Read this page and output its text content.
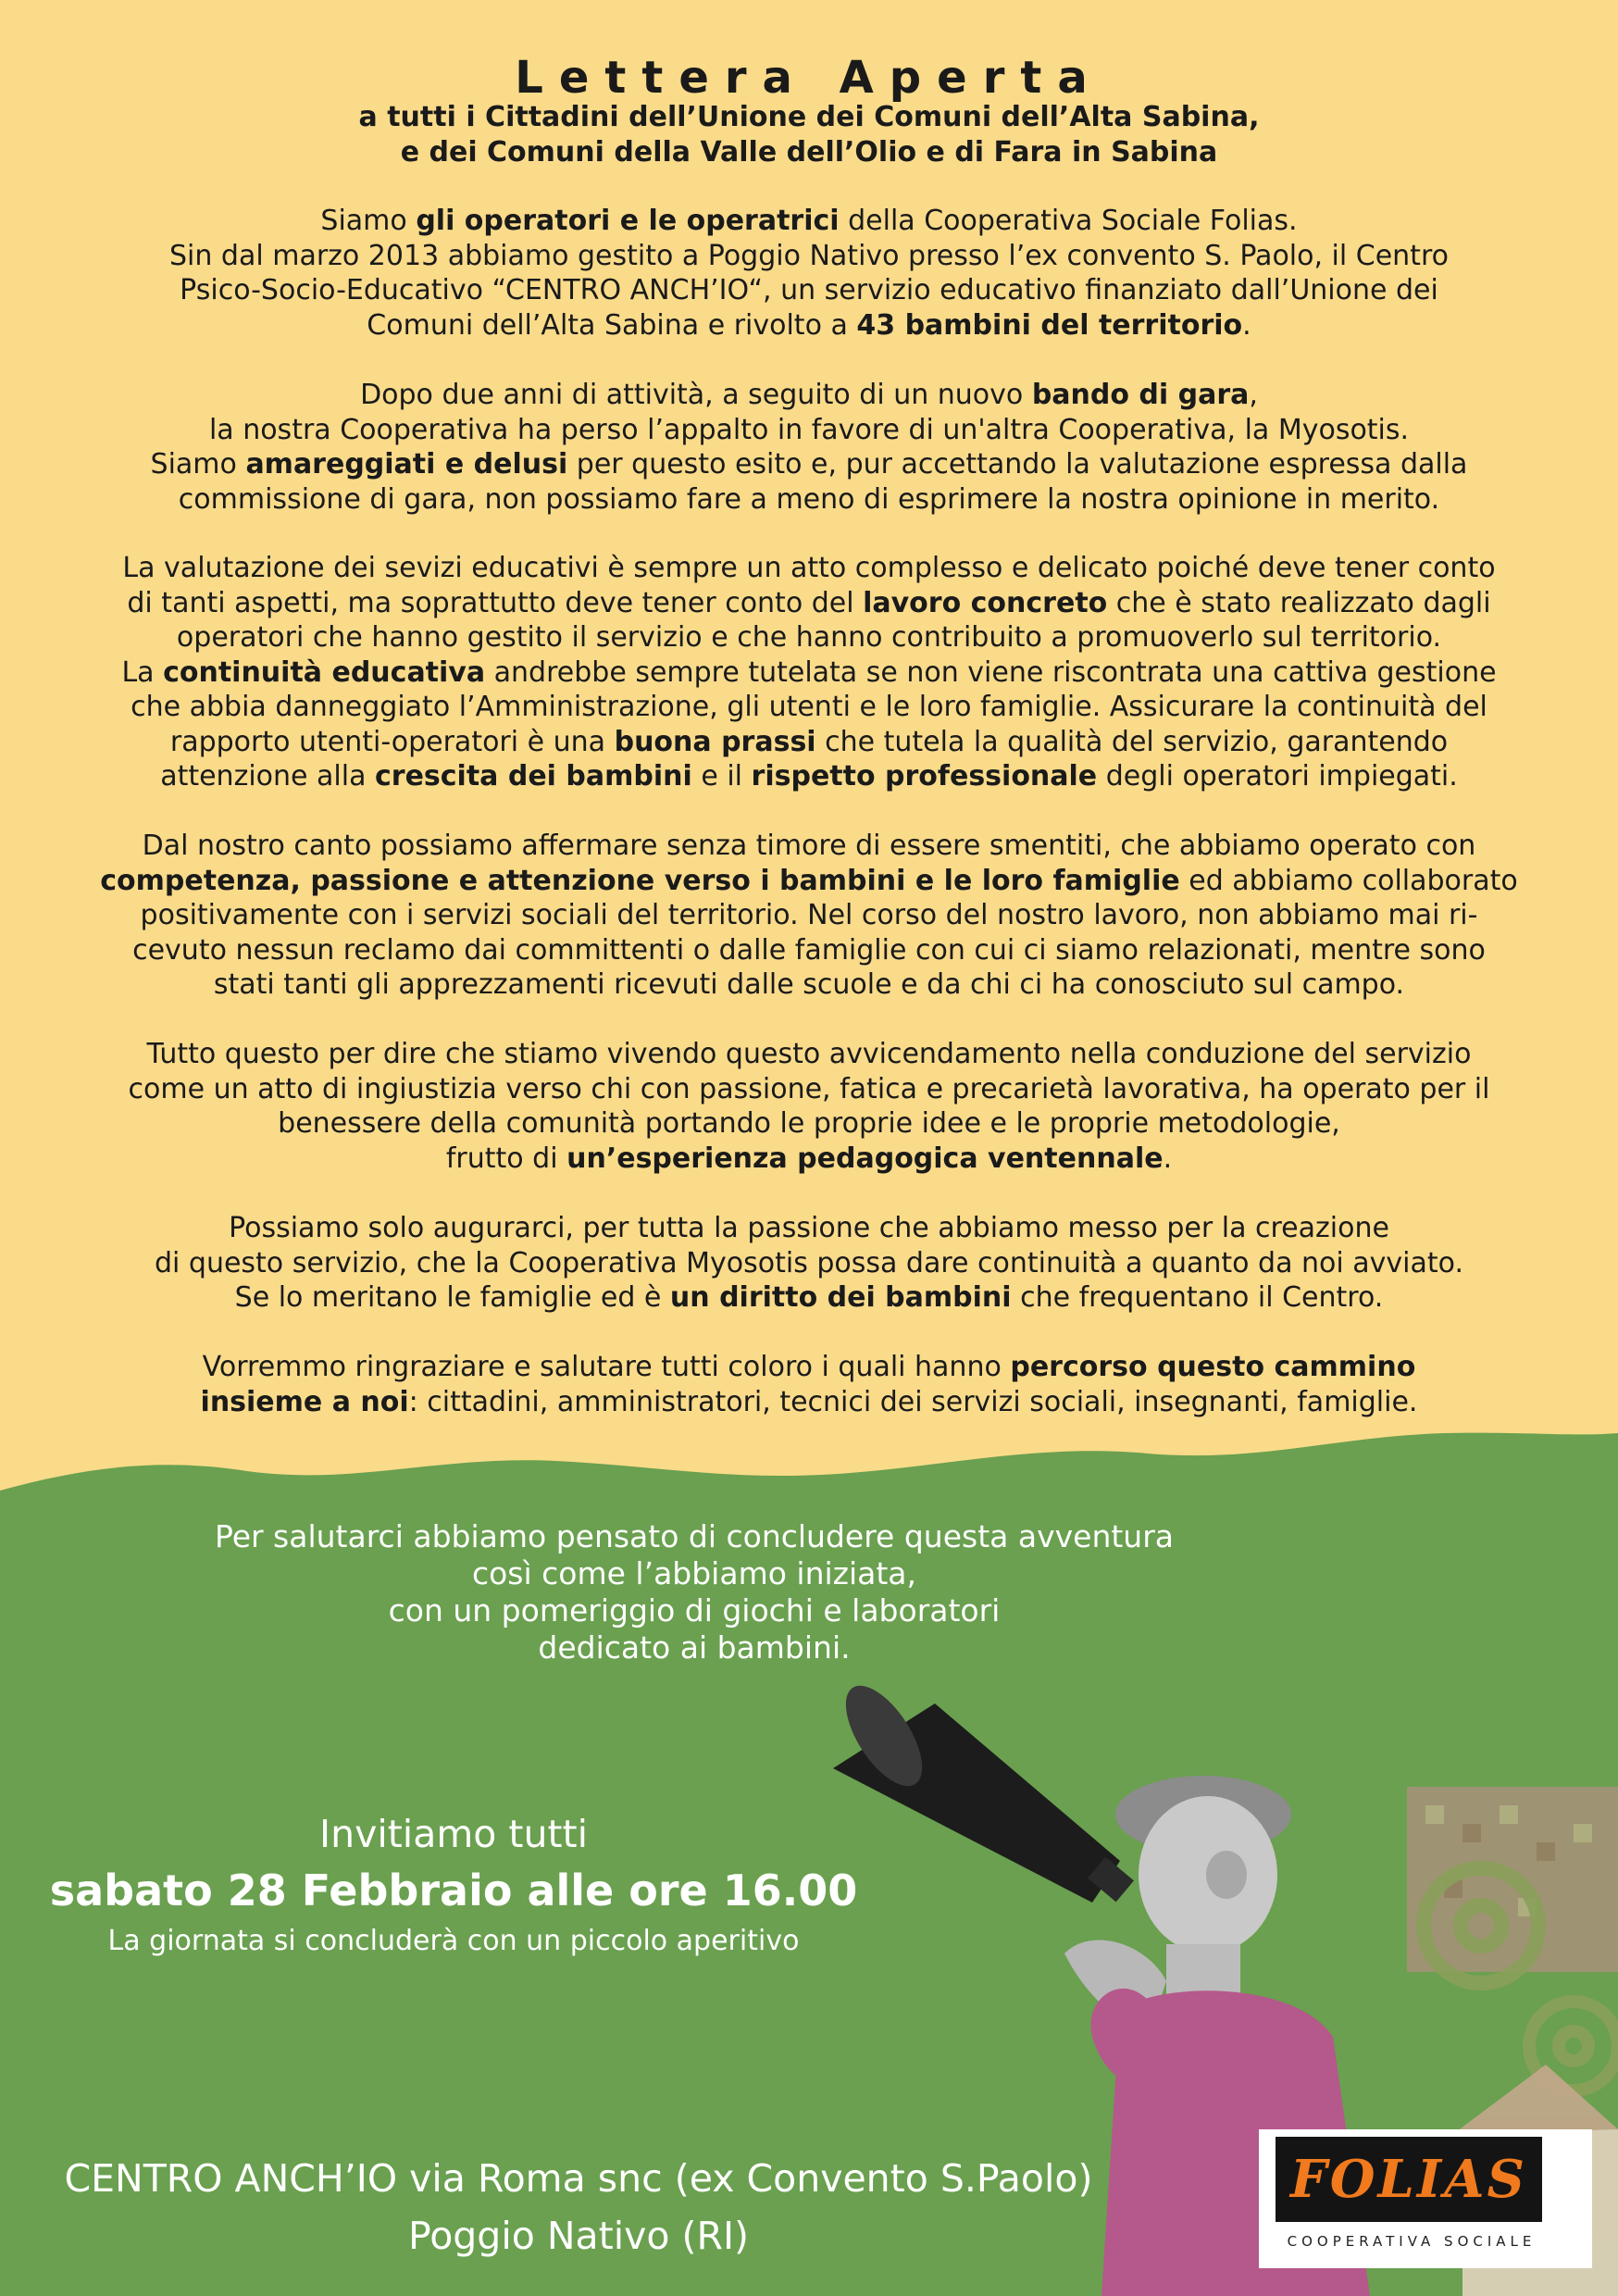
Lettera Aperta
a tutti i Cittadini dell’Unione dei Comuni dell’Alta Sabina,
e dei Comuni della Valle dell’Olio e di Fara in Sabina
Siamo gli operatori e le operatrici della Cooperativa Sociale Folias.
Sin dal marzo 2013 abbiamo gestito a Poggio Nativo presso l’ex convento S. Paolo, il Centro
Psico-Socio-Educativo “CENTRO ANCH’IO“, un servizio educativo finanziato dall’Unione dei
Comuni dell’Alta Sabina e rivolto a 43 bambini del territorio.
Dopo due anni di attività, a seguito di un nuovo bando di gara,
la nostra Cooperativa ha perso l’appalto in favore di un'altra Cooperativa, la Myosotis.
Siamo amareggiati e delusi per questo esito e, pur accettando la valutazione espressa dalla
commissione di gara, non possiamo fare a meno di esprimere la nostra opinione in merito.
La valutazione dei sevizi educativi è sempre un atto complesso e delicato poiché deve tener conto
di tanti aspetti, ma soprattutto deve tener conto del lavoro concreto che è stato realizzato dagli
operatori che hanno gestito il servizio e che hanno contribuito a promuoverlo sul territorio.
La continuità educativa andrebbe sempre tutelata se non viene riscontrata una cattiva gestione
che abbia danneggiato l’Amministrazione, gli utenti e le loro famiglie. Assicurare la continuità del
rapporto utenti-operatori è una buona prassi che tutela la qualità del servizio, garantendo
attenzione alla crescita dei bambini e il rispetto professionale degli operatori impiegati.
Dal nostro canto possiamo affermare senza timore di essere smentiti, che abbiamo operato con
competenza, passione e attenzione verso i bambini e le loro famiglie ed abbiamo collaborato
positivamente con i servizi sociali del territorio. Nel corso del nostro lavoro, non abbiamo mai ri-
cevuto nessun reclamo dai committenti o dalle famiglie con cui ci siamo relazionati, mentre sono
stati tanti gli apprezzamenti ricevuti dalle scuole e da chi ci ha conosciuto sul campo.
Tutto questo per dire che stiamo vivendo questo avvicendamento nella conduzione del servizio
come un atto di ingiustizia verso chi con passione, fatica e precarietà lavorativa, ha operato per il
benessere della comunità portando le proprie idee e le proprie metodologie,
frutto di un’esperienza pedagogica ventennale.
Possiamo solo augurarci, per tutta la passione che abbiamo messo per la creazione
di questo servizio, che la Cooperativa Myosotis possa dare continuità a quanto da noi avviato.
Se lo meritano le famiglie ed è un diritto dei bambini che frequentano il Centro.
Vorremmo ringraziare e salutare tutti coloro i quali hanno percorso questo cammino
insieme a noi: cittadini, amministratori, tecnici dei servizi sociali, insegnanti, famiglie.
Per salutarci abbiamo pensato di concludere questa avventura
così come l’abbiamo iniziata,
con un pomeriggio di giochi e laboratori
dedicato ai bambini.
Invitiamo tutti
sabato 28 Febbraio alle ore 16.00
La giornata si concluderà con un piccolo aperitivo
CENTRO ANCH’IO via Roma snc (ex Convento S.Paolo)
Poggio Nativo (RI)
FOLIAS
COOPERATIVA SOCIALE
